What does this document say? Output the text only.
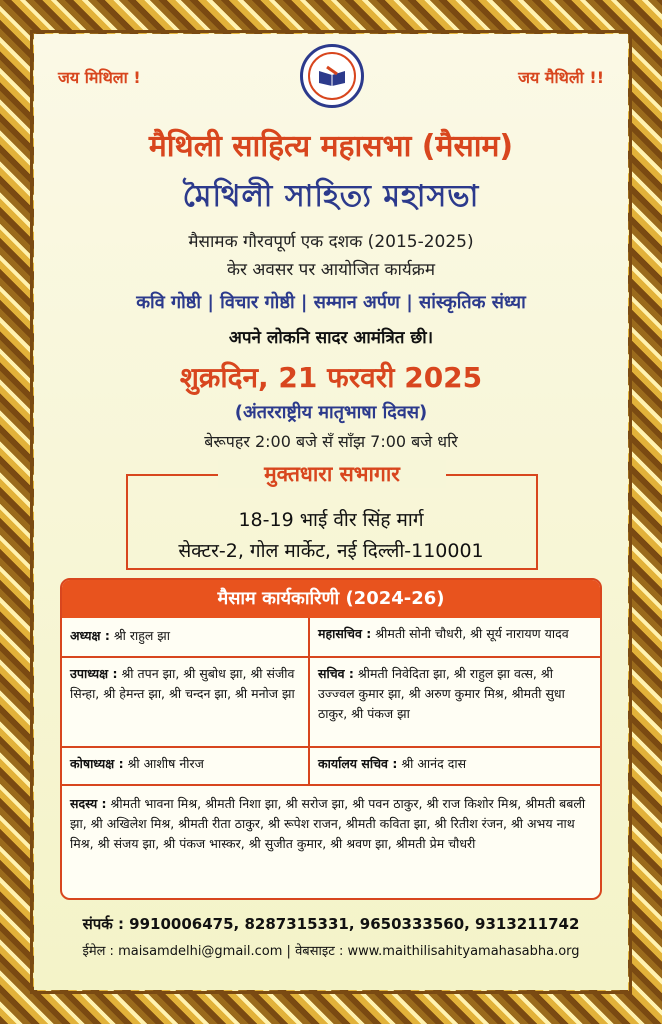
जय मिथिला !	जय मैथिली !!
मैथिली साहित्य महासभा (मैसाम)
মৈথিলী সাহিত্য মহাসভা
मैसामक गौरवपूर्ण एक दशक (2015-2025)
केर अवसर पर आयोजित कार्यक्रम
कवि गोष्ठी | विचार गोष्ठी | सम्मान अर्पण | सांस्कृतिक संध्या
अपने लोकनि सादर आमंत्रित छी।
शुक्रदिन, 21 फरवरी 2025
(अंतरराष्ट्रीय मातृभाषा दिवस)
बेरूपहर 2:00 बजे सँ साँझ 7:00 बजे धरि
मुक्तधारा सभागार
18-19 भाई वीर सिंह मार्ग
सेक्टर-2, गोल मार्केट, नई दिल्ली-110001
मैसाम कार्यकारिणी (2024-26)
अध्यक्ष : श्री राहुल झा	महासचिव : श्रीमती सोनी चौधरी, श्री सूर्य नारायण यादव
उपाध्यक्ष : श्री तपन झा, श्री सुबोध झा, श्री संजीव सिन्हा, श्री हेमन्त झा, श्री चन्दन झा, श्री मनोज झा
सचिव : श्रीमती निवेदिता झा, श्री राहुल झा वत्स, श्री उज्ज्वल कुमार झा, श्री अरुण कुमार मिश्र, श्रीमती सुधा ठाकुर, श्री पंकज झा
कोषाध्यक्ष : श्री आशीष नीरज	कार्यालय सचिव : श्री आनंद दास
सदस्य : श्रीमती भावना मिश्र, श्रीमती निशा झा, श्री सरोज झा, श्री पवन ठाकुर, श्री राज किशोर मिश्र, श्रीमती बबली झा, श्री अखिलेश मिश्र, श्रीमती रीता ठाकुर, श्री रूपेश राजन, श्रीमती कविता झा, श्री रितीश रंजन, श्री अभय नाथ मिश्र, श्री संजय झा, श्री पंकज भास्कर, श्री सुजीत कुमार, श्री श्रवण झा, श्रीमती प्रेम चौधरी
संपर्क : 9910006475, 8287315331, 9650333560, 9313211742
ईमेल : maisamdelhi@gmail.com | वेबसाइट : www.maithilisahityamahasabha.org
